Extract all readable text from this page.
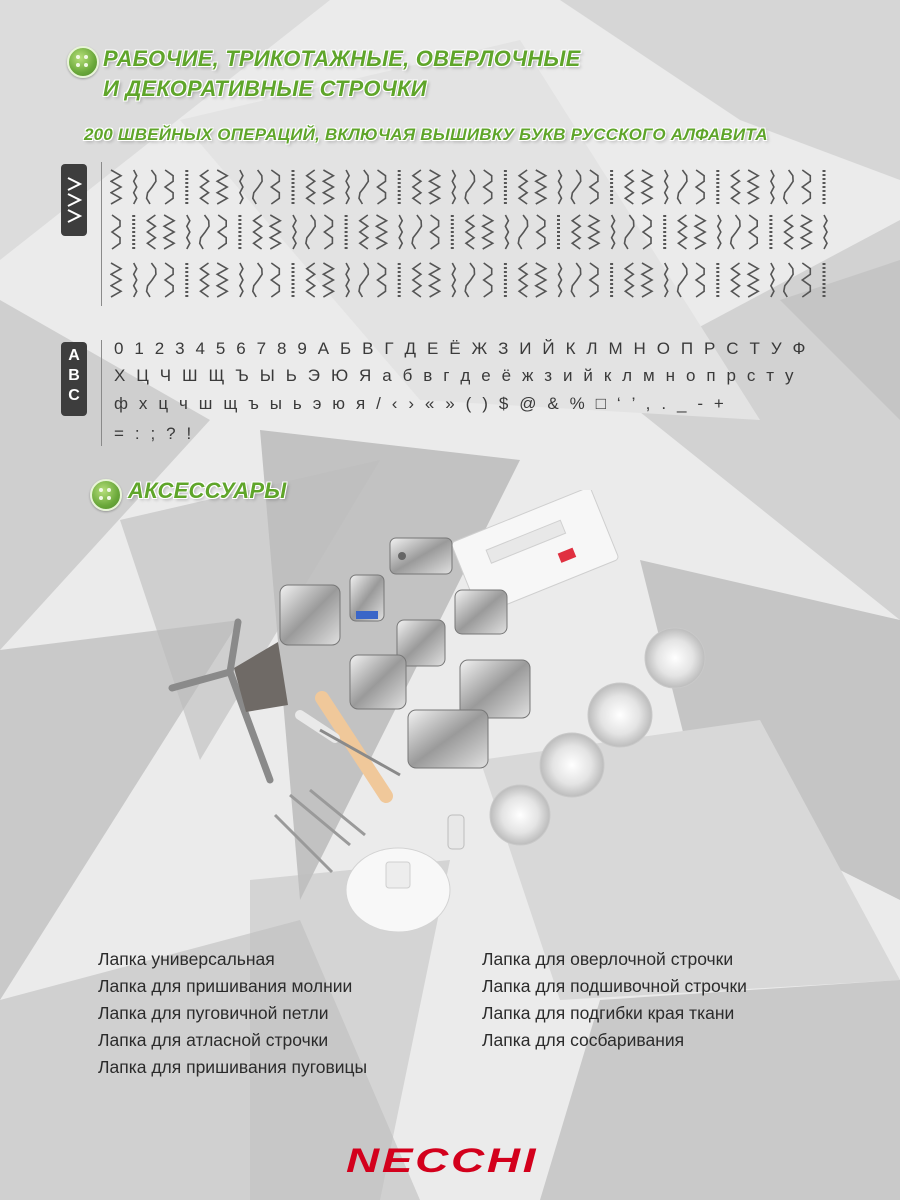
РАБОЧИЕ, ТРИКОТАЖНЫЕ, ОВЕРЛОЧНЫЕ
И ДЕКОРАТИВНЫЕ СТРОЧКИ
200 ШВЕЙНЫХ ОПЕРАЦИЙ, ВКЛЮЧАЯ ВЫШИВКУ БУКВ РУССКОГО АЛФАВИТА
A
B
C
0 1 2 3 4 5 6 7 8 9 А Б В Г Д Е Ё Ж З И Й К Л М Н О П Р С Т У Ф
Х Ц Ч Ш Щ Ъ Ы Ь Э Ю Я а б в г д е ё ж з и й к л м н о п р с т у
ф х ц ч ш щ ъ ы ь э ю я / ‹ › « » ( ) $ @ & % □ ‘ ’ , . _ - +
= : ; ? !
АКСЕССУАРЫ
Лапка универсальная
Лапка для пришивания молнии
Лапка для пуговичной петли
Лапка для атласной строчки
Лапка для пришивания пуговицы
Лапка для оверлочной строчки
Лапка для подшивочной строчки
Лапка для подгибки края ткани
Лапка для сосбаривания
NECCHI
